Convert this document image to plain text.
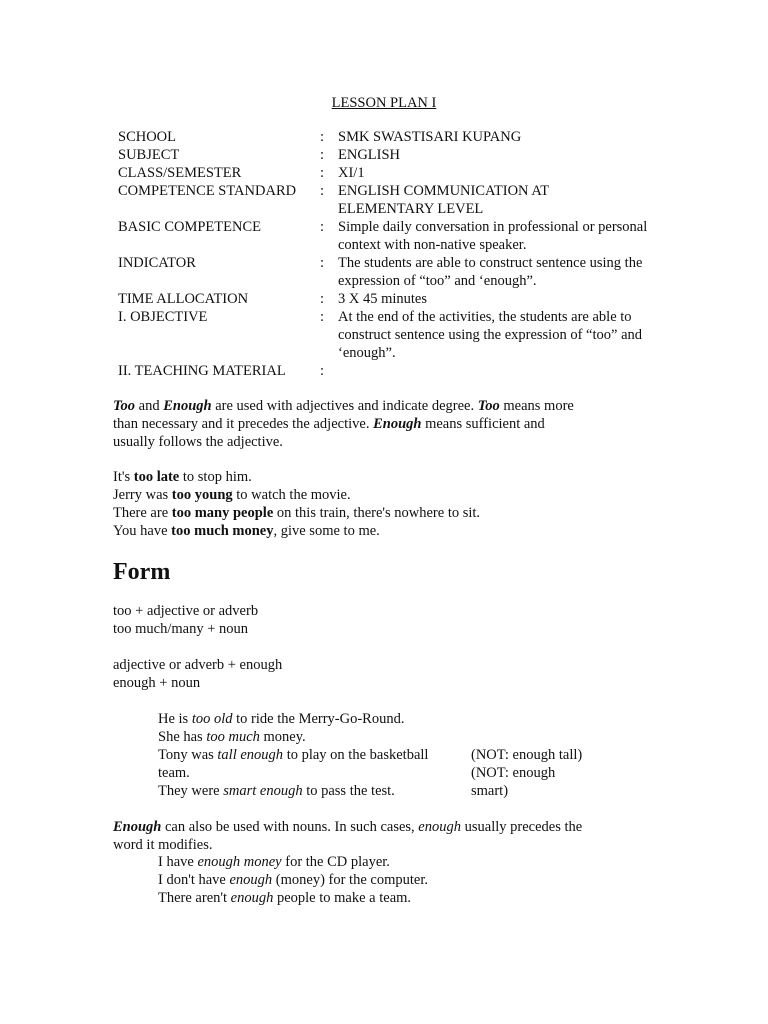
LESSON PLAN I
SCHOOL	:	SMK SWASTISARI KUPANG
SUBJECT	:	ENGLISH
CLASS/SEMESTER	:	XI/1
COMPETENCE STANDARD	:	ENGLISH COMMUNICATION AT ELEMENTARY LEVEL
BASIC COMPETENCE	:	Simple daily conversation in professional or personal context with non-native speaker.
INDICATOR	:	The students are able to construct sentence using the expression of “too” and ‘enough”.
TIME ALLOCATION	:	3 X 45 minutes
I. OBJECTIVE	:	At the end of the activities, the students are able to construct sentence using the expression of “too” and ‘enough”.
II. TEACHING MATERIAL	:	

Too and Enough are used with adjectives and indicate degree. Too means more than necessary and it precedes the adjective. Enough means sufficient and usually follows the adjective.

It's too late to stop him.
Jerry was too young to watch the movie.
There are too many people on this train, there's nowhere to sit.
You have too much money, give some to me.
Form
too + adjective or adverb
too much/many + noun
adjective or adverb + enough
enough + noun
He is too old to ride the Merry-Go-Round.
She has too much money.
Tony was tall enough to play on the basketball
team.
They were smart enough to pass the test.
(NOT: enough tall)
(NOT: enough
smart)

Enough can also be used with nouns. In such cases, enough usually precedes the word it modifies.

I have enough money for the CD player.
I don't have enough (money) for the computer.
There aren't enough people to make a team.
